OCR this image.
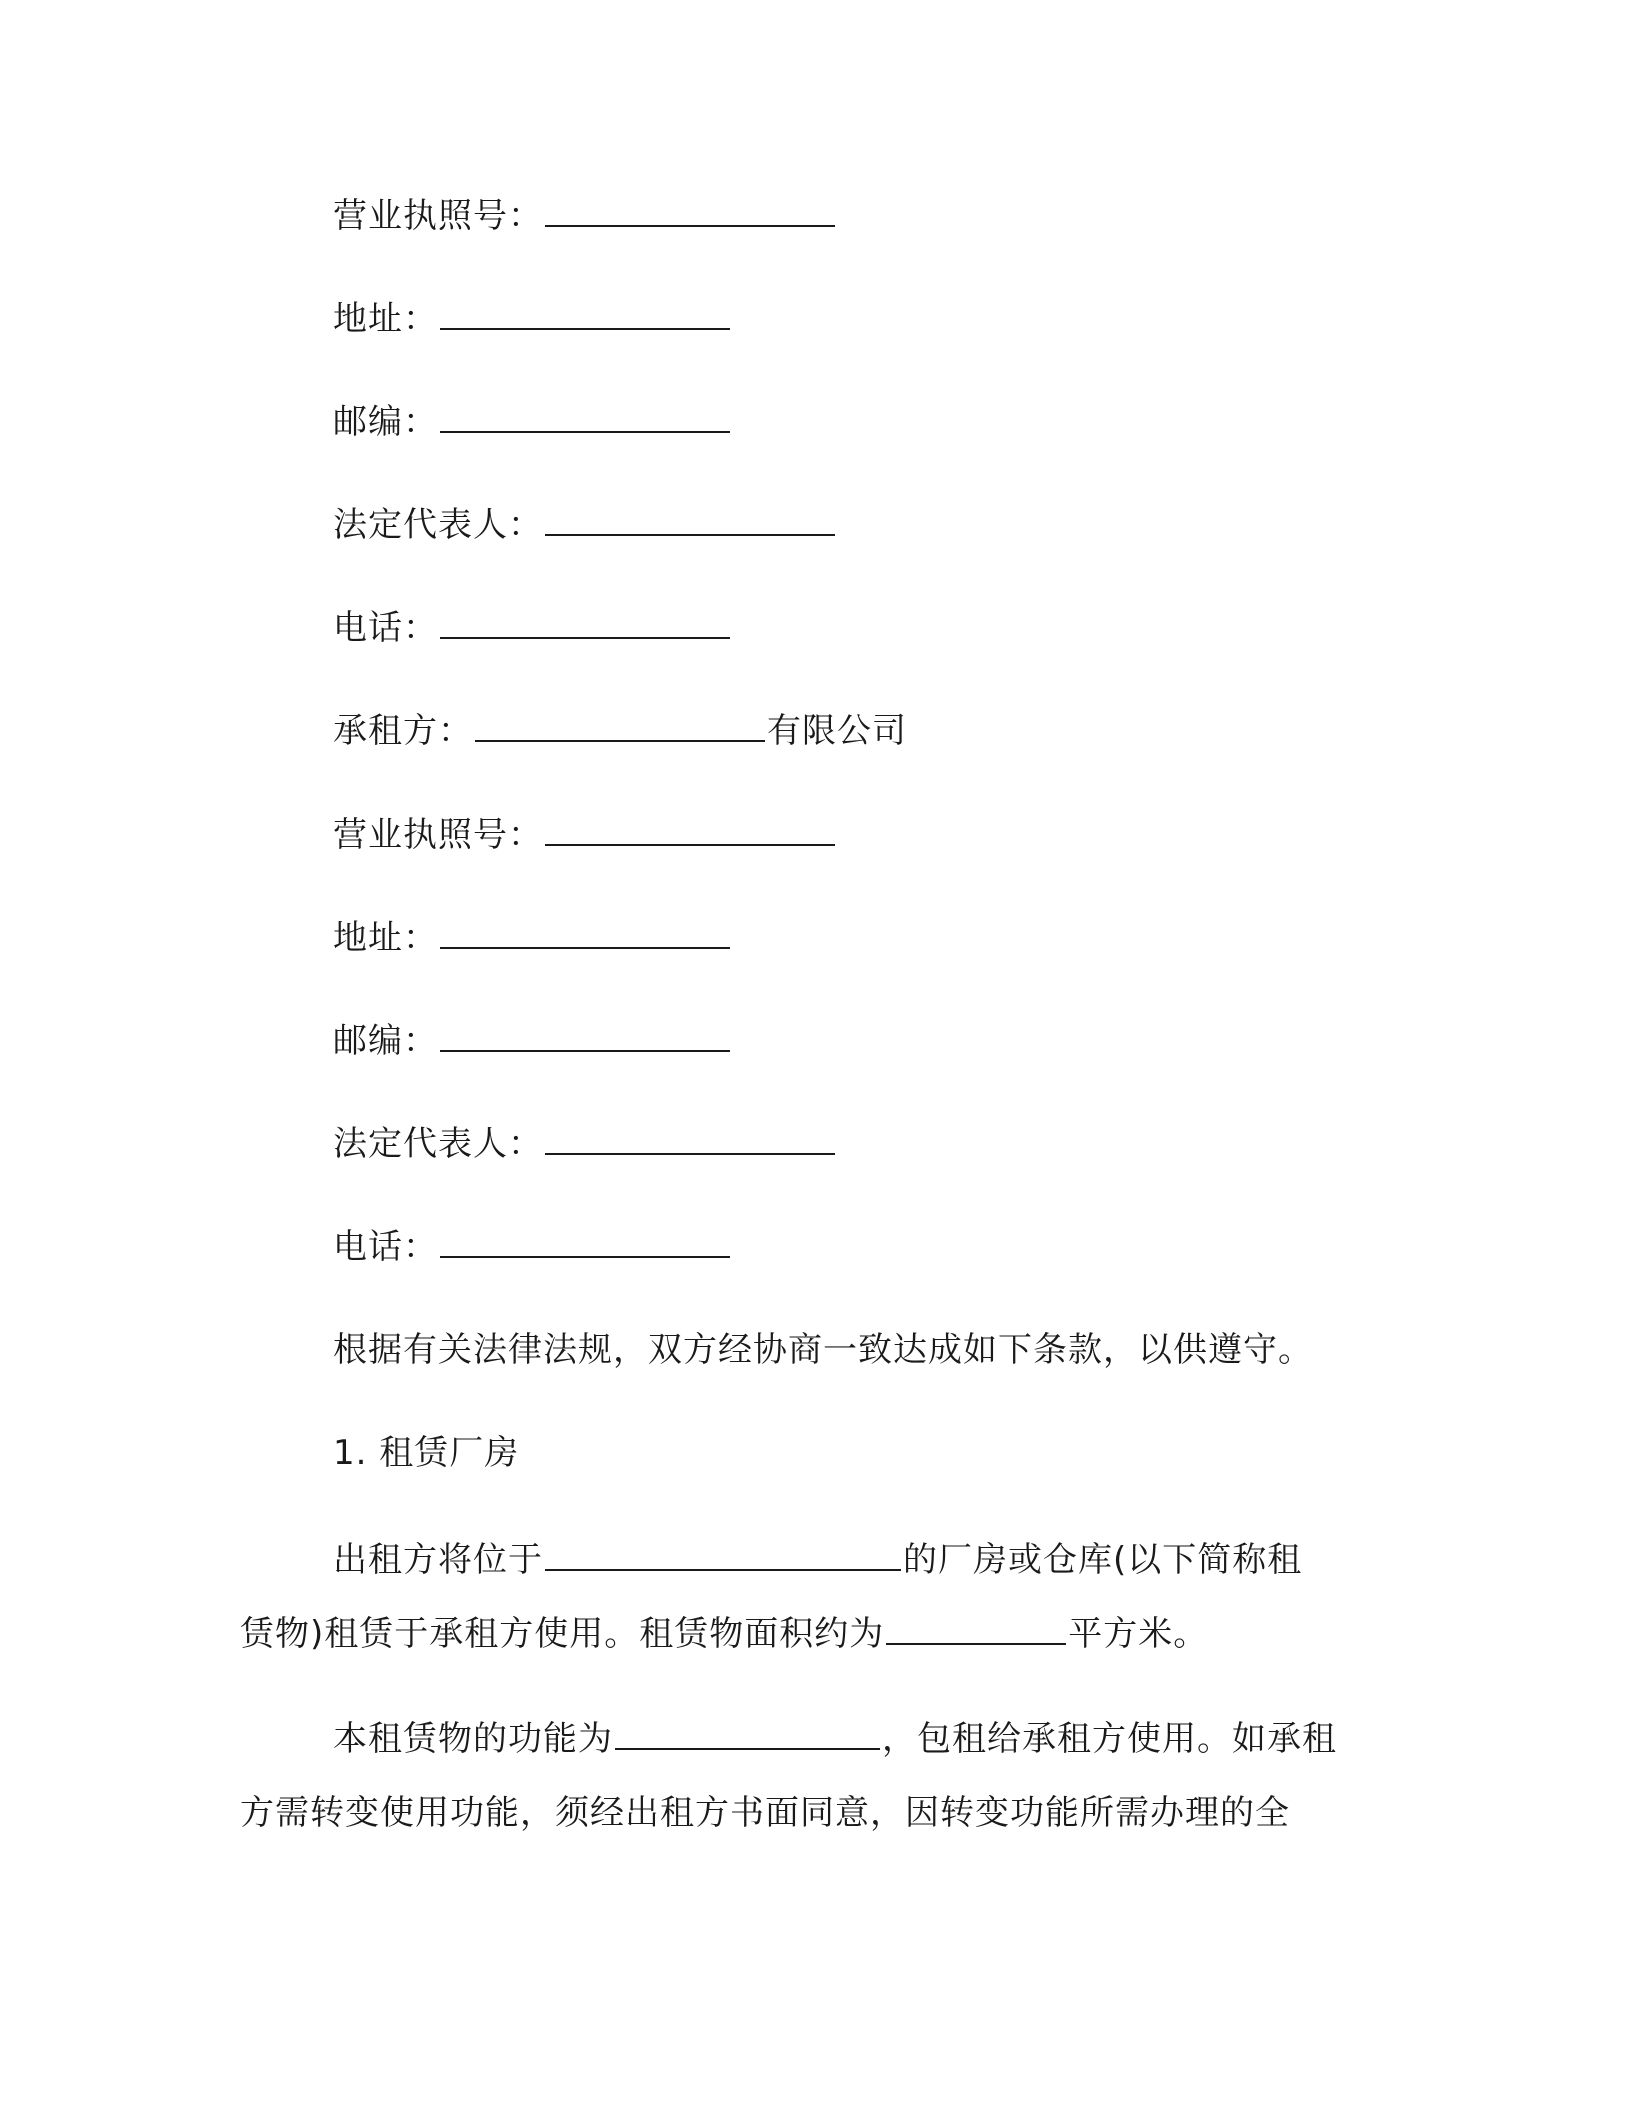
营业执照号：
地址：
邮编：
法定代表人：
电话：
承租方：	有限公司
营业执照号：
地址：
邮编：
法定代表人：
电话：
根据有关法律法规，双方经协商一致达成如下条款，以供遵守。
1. 租赁厂房
出租方将位于	的厂房或仓库(以下简称租
赁物)租赁于承租方使用。租赁物面积约为	平方米。
本租赁物的功能为	，包租给承租方使用。如承租
方需转变使用功能，须经出租方书面同意，因转变功能所需办理的全
